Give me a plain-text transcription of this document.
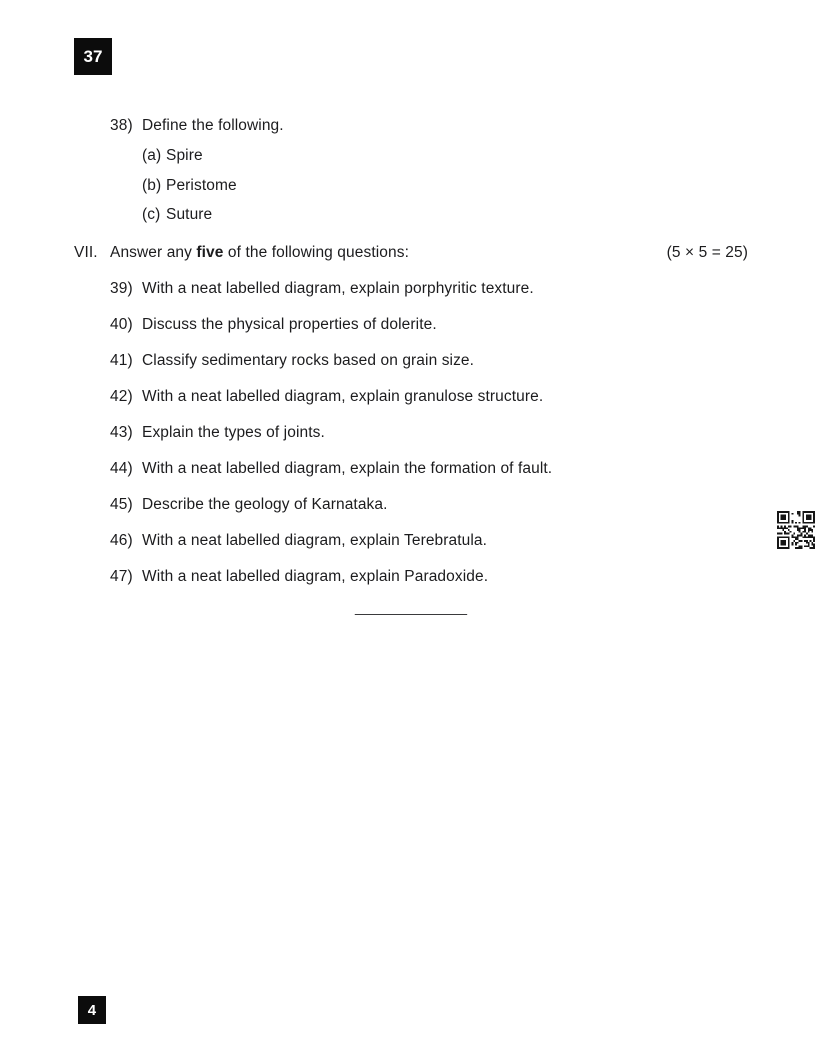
37
38) Define the following.
(a) Spire
(b) Peristome
(c) Suture
VII. Answer any five of the following questions:	(5 × 5 = 25)
39) With a neat labelled diagram, explain porphyritic texture.
40) Discuss the physical properties of dolerite.
41) Classify sedimentary rocks based on grain size.
42) With a neat labelled diagram, explain granulose structure.
43) Explain the types of joints.
44) With a neat labelled diagram, explain the formation of fault.
45) Describe the geology of Karnataka.
46) With a neat labelled diagram, explain Terebratula.
47) With a neat labelled diagram, explain Paradoxide.
_____________
4
